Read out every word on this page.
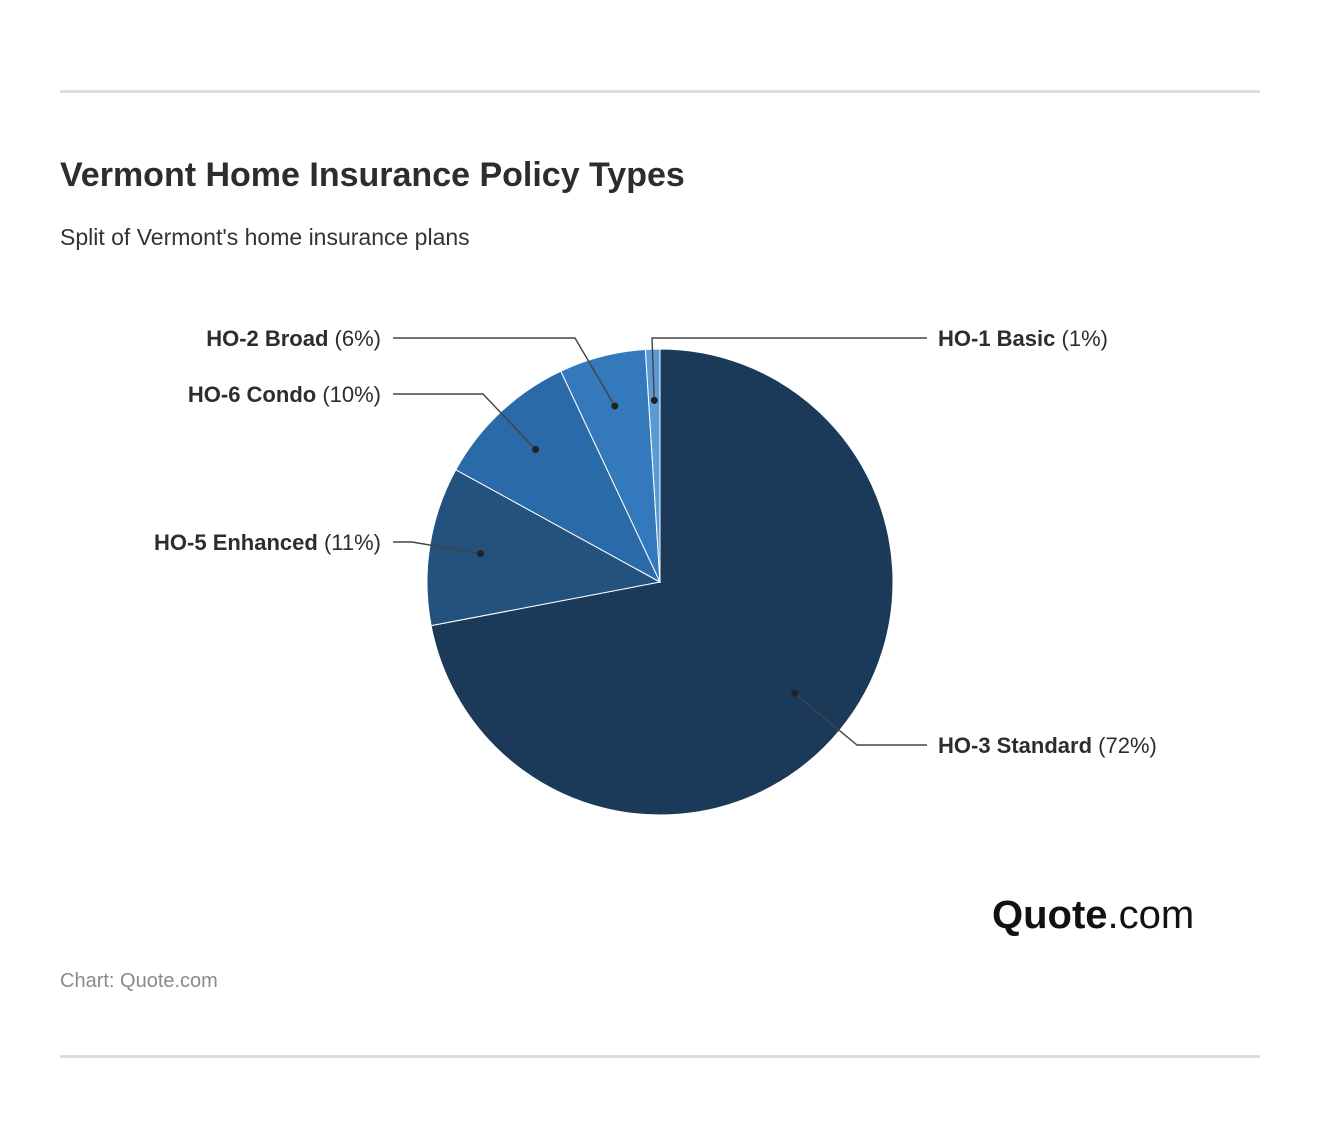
Vermont Home Insurance Policy Types
Split of Vermont's home insurance plans
HO-3 Standard (72%)
HO-5 Enhanced (11%)
HO-6 Condo (10%)
HO-2 Broad (6%)	HO-1 Basic (1%)
Quote.com
Chart: Quote.com
